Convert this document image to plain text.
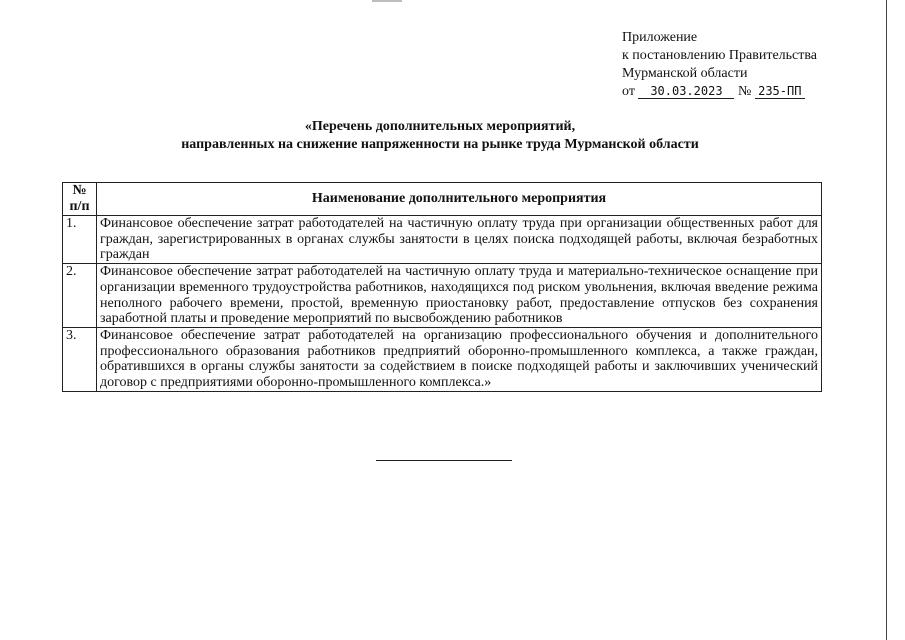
Приложение
к постановлению Правительства
Мурманской области
от 30.03.2023 № 235-ПП
«Перечень дополнительных мероприятий,
направленных на снижение напряженности на рынке труда Мурманской области
№ п/п	Наименование дополнительного мероприятия
1.	Финансовое обеспечение затрат работодателей на частичную оплату труда при организации общественных работ для граждан, зарегистрированных в органах службы занятости в целях поиска подходящей работы, включая безработных граждан
2.	Финансовое обеспечение затрат работодателей на частичную оплату труда и материально-техническое оснащение при организации временного трудоустройства работников, находящихся под риском увольнения, включая введение режима неполного рабочего времени, простой, временную приостановку работ, предоставление отпусков без сохранения заработной платы и проведение мероприятий по высвобождению работников
3.	Финансовое обеспечение затрат работодателей на организацию профессионального обучения и дополнительного профессионального образования работников предприятий оборонно-промышленного комплекса, а также граждан, обратившихся в органы службы занятости за содействием в поиске подходящей работы и заключивших ученический договор с предприятиями оборонно-промышленного комплекса.»
